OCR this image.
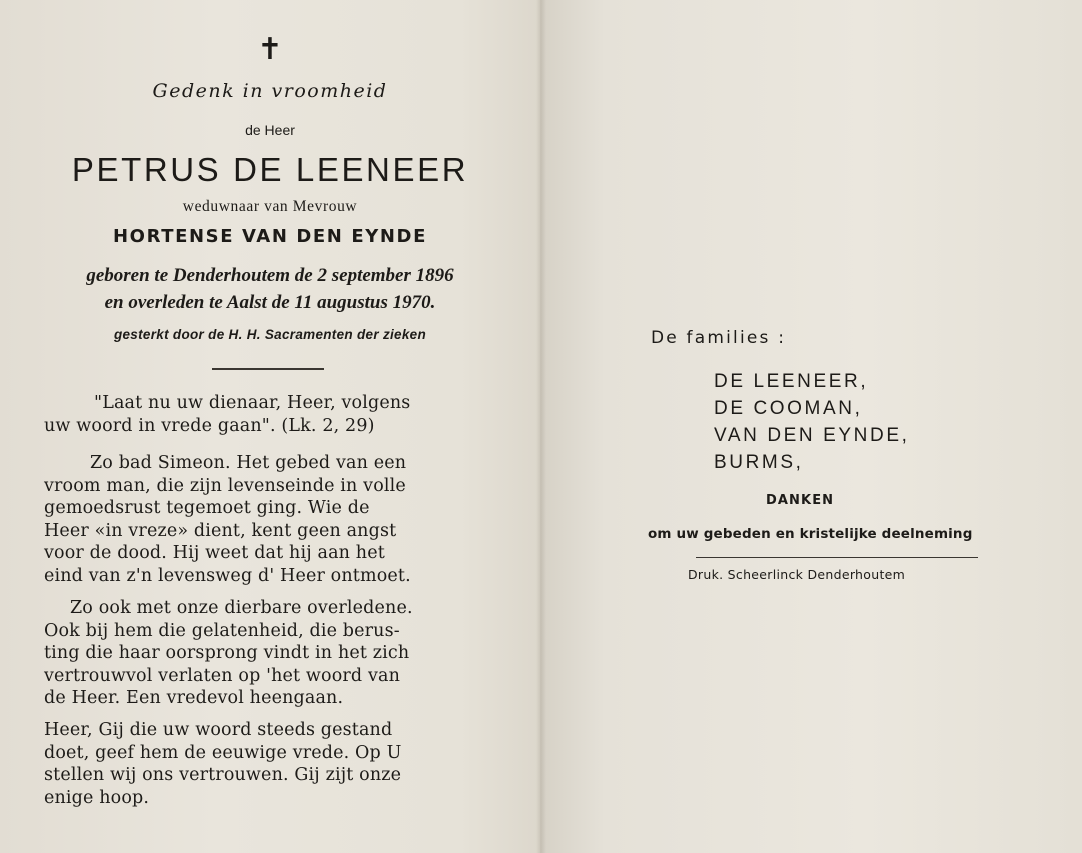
✝
Gedenk in vroomheid
de Heer
PETRUS DE LEENEER
weduwnaar van Mevrouw
HORTENSE VAN DEN EYNDE
geboren te Denderhoutem de 2 september 1896
en overleden te Aalst de 11 augustus 1970.
gesterkt door de H. H. Sacramenten der zieken
"Laat nu uw dienaar, Heer, volgens
uw woord in vrede gaan". (Lk. 2, 29)
Zo bad Simeon. Het gebed van een
vroom man, die zijn levenseinde in volle
gemoedsrust tegemoet ging. Wie de
Heer «in vreze» dient, kent geen angst
voor de dood. Hij weet dat hij aan het
eind van z'n levensweg d' Heer ontmoet.
Zo ook met onze dierbare overledene.
Ook bij hem die gelatenheid, die berus-
ting die haar oorsprong vindt in het zich
vertrouwvol verlaten op 'het woord van
de Heer. Een vredevol heengaan.
Heer, Gij die uw woord steeds gestand
doet, geef hem de eeuwige vrede. Op U
stellen wij ons vertrouwen. Gij zijt onze
enige hoop.
De families :
DE LEENEER,
DE COOMAN,
VAN DEN EYNDE,
BURMS,
DANKEN
om uw gebeden en kristelijke deelneming
Druk. Scheerlinck Denderhoutem
